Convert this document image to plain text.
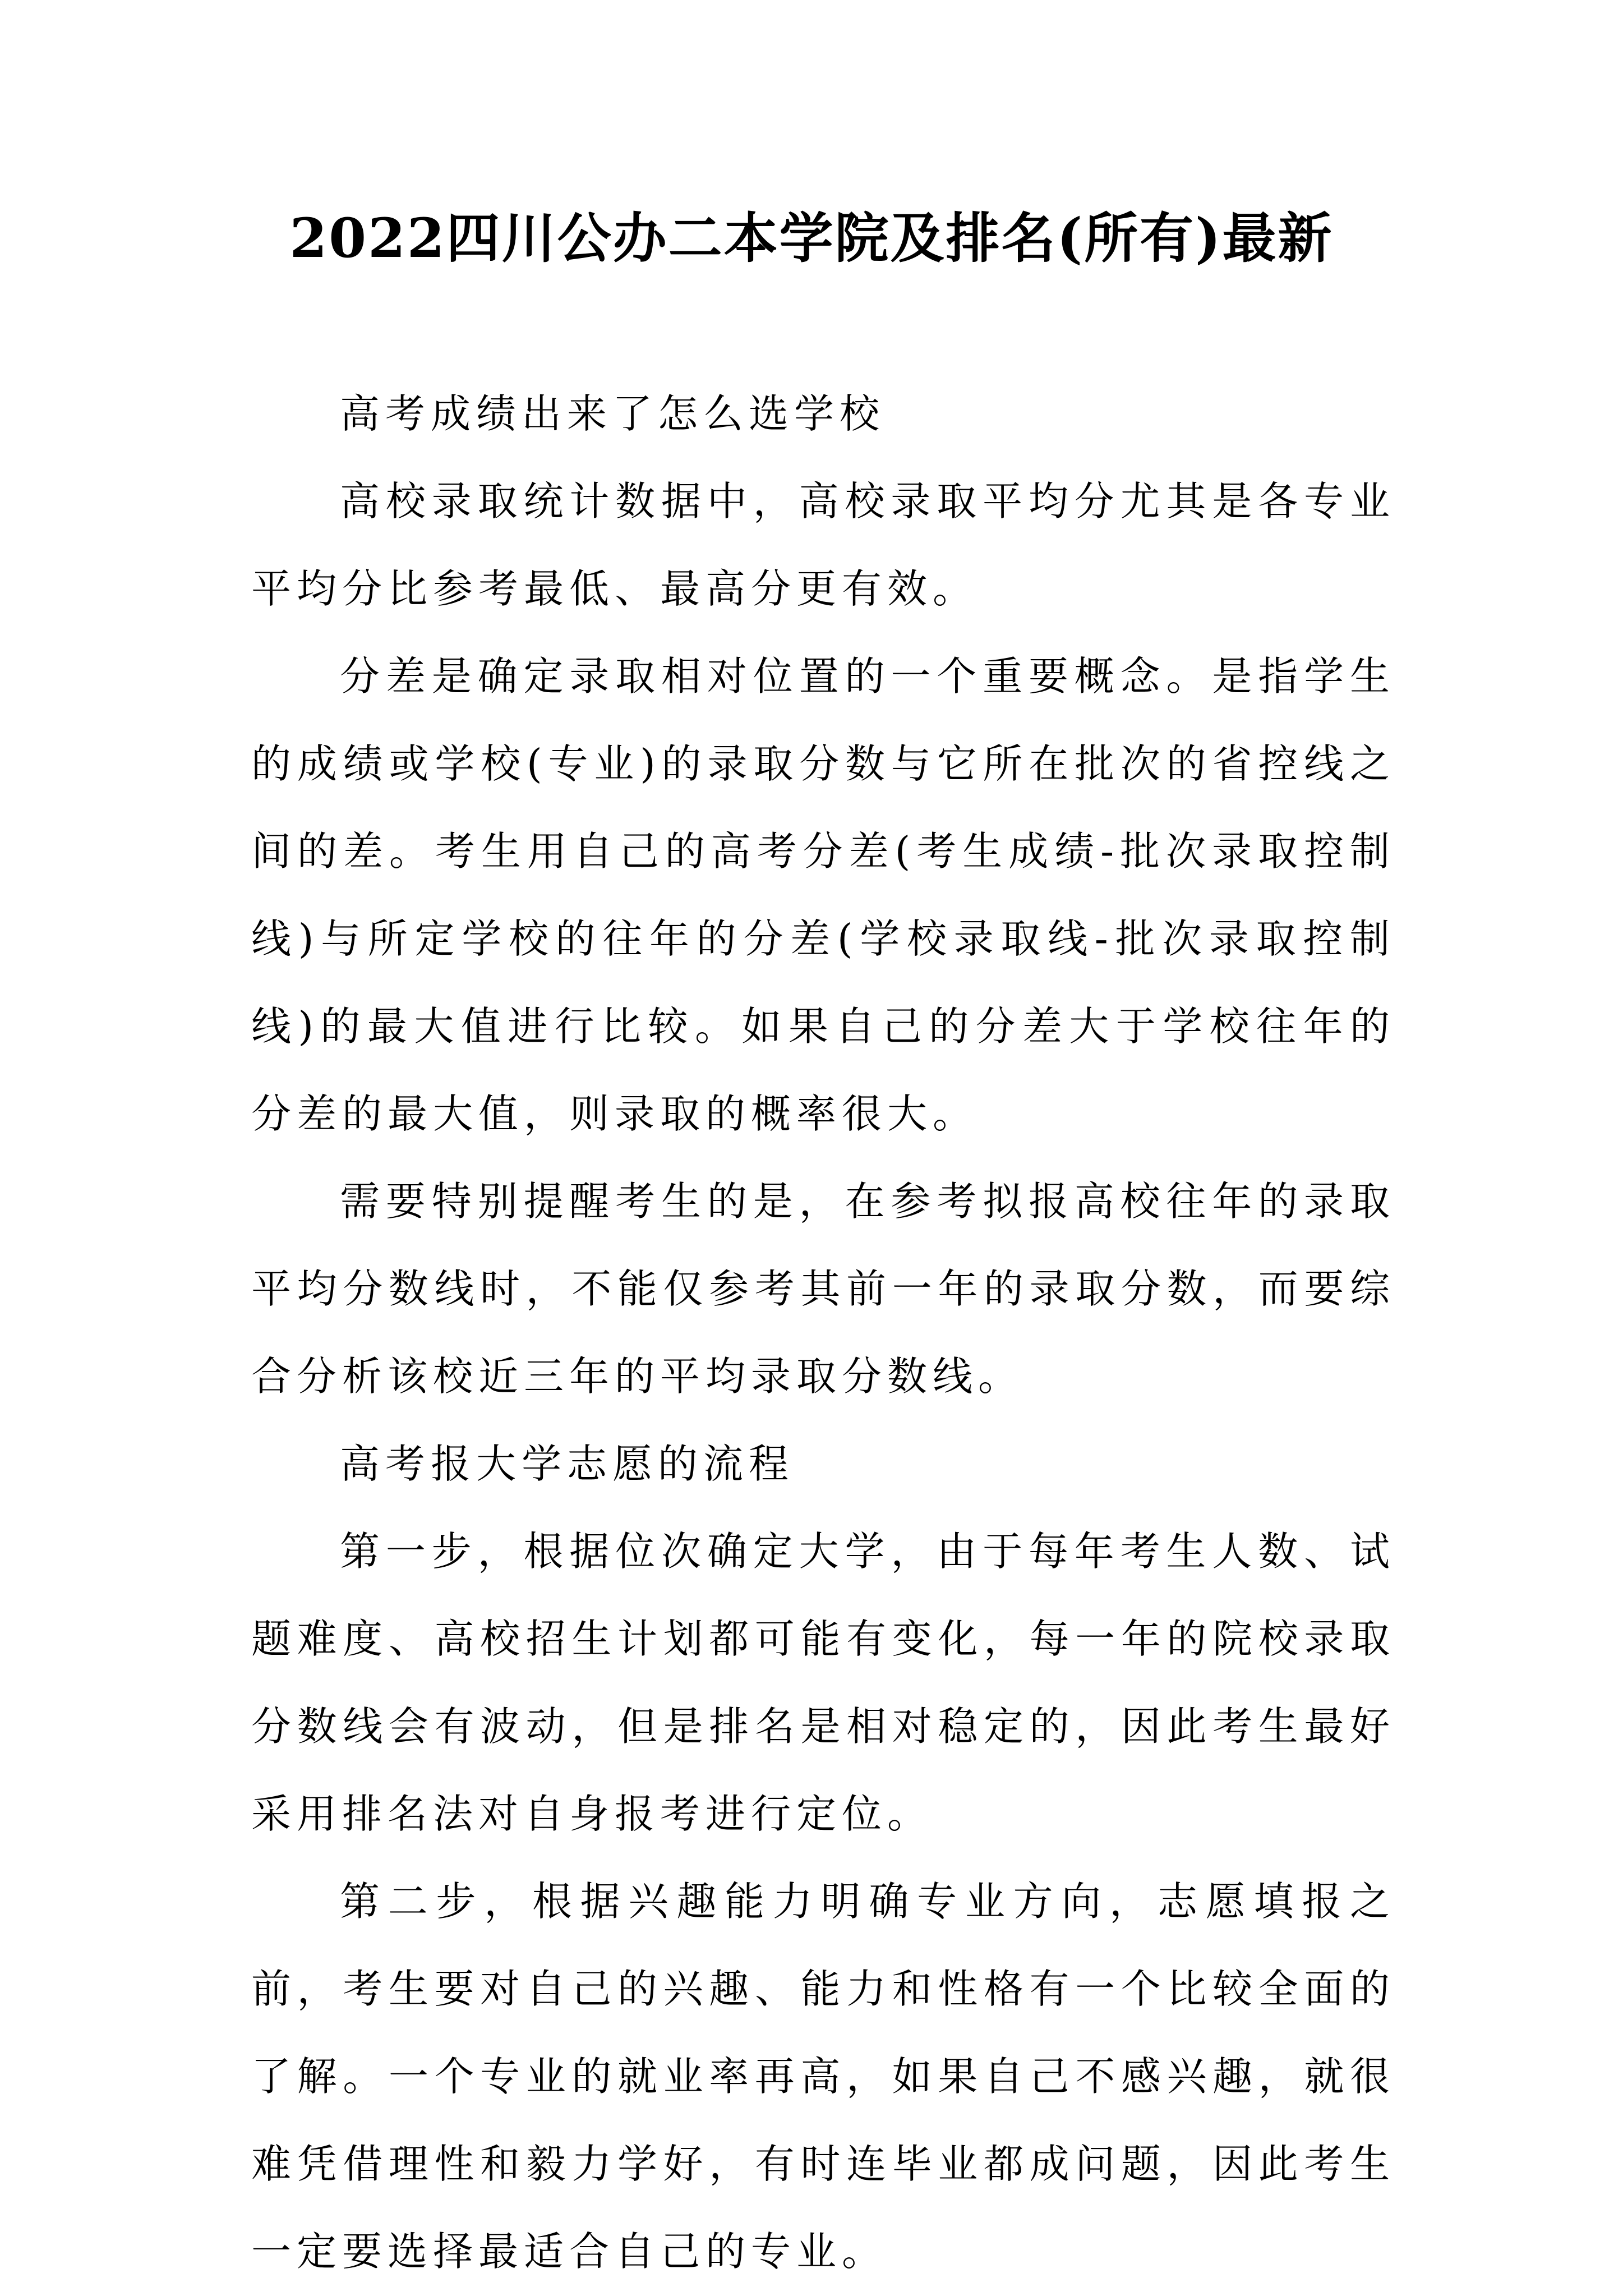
2022四川公办二本学院及排名(所有)最新

高考成绩出来了怎么选学校

高校录取统计数据中，高校录取平均分尤其是各专业平均分比参考最低、最高分更有效。

分差是确定录取相对位置的一个重要概念。是指学生的成绩或学校(专业)的录取分数与它所在批次的省控线之间的差。考生用自己的高考分差(考生成绩-批次录取控制线)与所定学校的往年的分差(学校录取线-批次录取控制线)的最大值进行比较。如果自己的分差大于学校往年的分差的最大值，则录取的概率很大。

需要特别提醒考生的是，在参考拟报高校往年的录取平均分数线时，不能仅参考其前一年的录取分数，而要综合分析该校近三年的平均录取分数线。

高考报大学志愿的流程

第一步，根据位次确定大学，由于每年考生人数、试题难度、高校招生计划都可能有变化，每一年的院校录取分数线会有波动，但是排名是相对稳定的，因此考生最好采用排名法对自身报考进行定位。

第二步，根据兴趣能力明确专业方向，志愿填报之前，考生要对自己的兴趣、能力和性格有一个比较全面的了解。一个专业的就业率再高，如果自己不感兴趣，就很难凭借理性和毅力学好，有时连毕业都成问题，因此考生一定要选择最适合自己的专业。
